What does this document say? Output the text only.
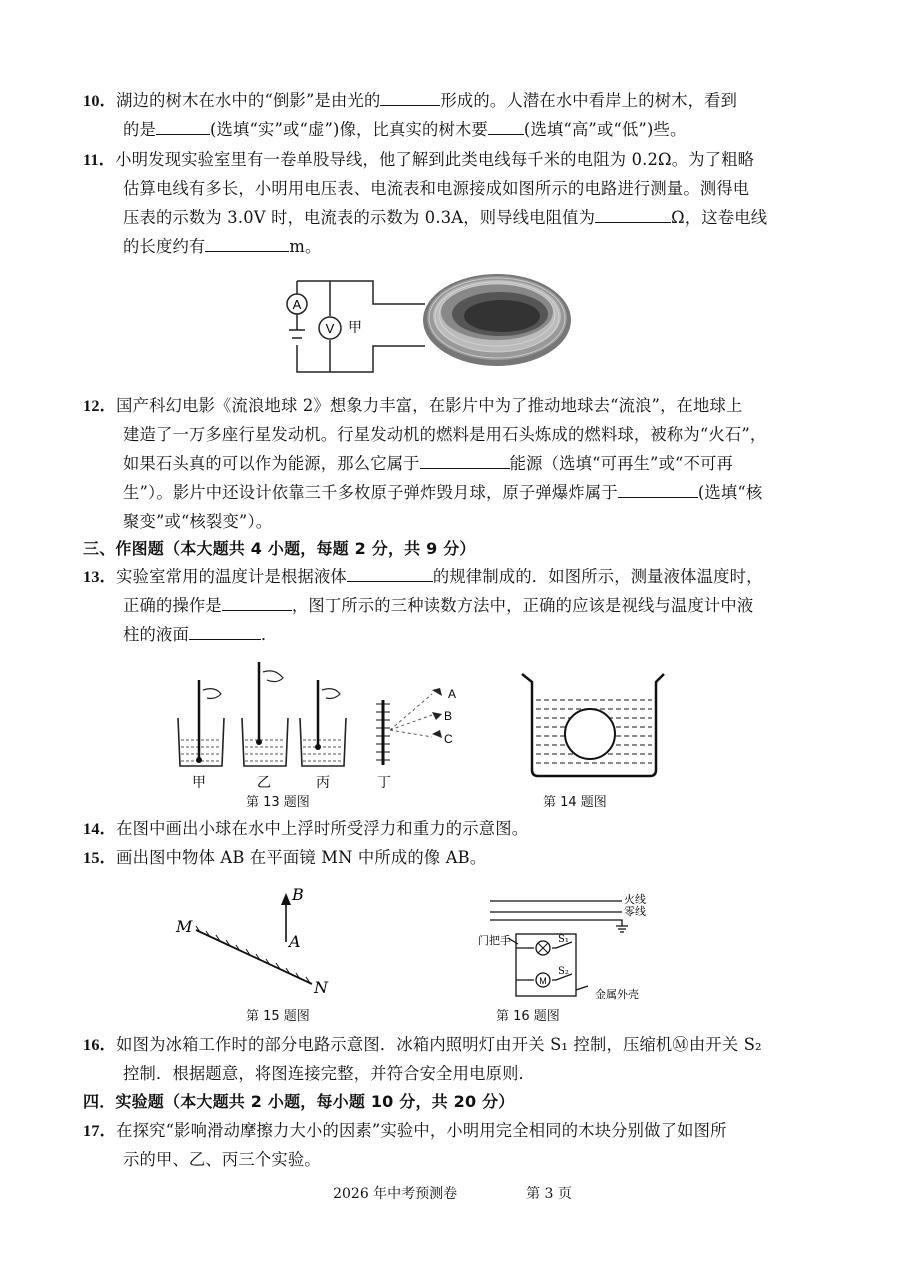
10．湖边的树木在水中的“倒影”是由光的	形成的。人潜在水中看岸上的树木，看到
的是	(选填“实”或“虚”)像，比真实的树木要 (选填“高”或“低”)些。
11．小明发现实验室里有一卷单股导线，他了解到此类电线每千米的电阻为 0.2Ω。为了粗略
估算电线有多长，小明用电压表、电流表和电源接成如图所示的电路进行测量。测得电
压表的示数为 3.0V 时，电流表的示数为 0.3A，则导线电阻值为	Ω，这卷电线
的长度约有	m。
A
V 甲
12．国产科幻电影《流浪地球 2》想象力丰富，在影片中为了推动地球去“流浪”，在地球上
建造了一万多座行星发动机。行星发动机的燃料是用石头炼成的燃料球，被称为“火石”，
如果石头真的可以作为能源，那么它属于	能源（选填“可再生”或“不可再
生”）。影片中还设计依靠三千多枚原子弹炸毁月球，原子弹爆炸属于	(选填“核
聚变”或“核裂变”）。
三、作图题（本大题共 4 小题，每题 2 分，共 9 分）
13．实验室常用的温度计是根据液体	的规律制成的．如图所示，测量液体温度时，
正确的操作是	，图丁所示的三种读数方法中，正确的应该是视线与温度计中液
柱的液面	．
甲	乙	丙	丁
A
B
C
第 13 题图	第 14 题图
14．在图中画出小球在水中上浮时所受浮力和重力的示意图。
15．画出图中物体 AB 在平面镜 MN 中所成的像 AB。
M
N
A
B
第 15 题图
M
S₁
S₂
火线
零线
门把手
金属外壳
第 16 题图
16．如图为冰箱工作时的部分电路示意图．冰箱内照明灯由开关 S₁ 控制，压缩机Ⓜ由开关 S₂
控制．根据题意，将图连接完整，并符合安全用电原则．
四．实验题（本大题共 2 小题，每小题 10 分，共 20 分）
17．在探究“影响滑动摩擦力大小的因素”实验中，小明用完全相同的木块分别做了如图所
示的甲、乙、丙三个实验。
2026 年中考预测卷	第 3 页
